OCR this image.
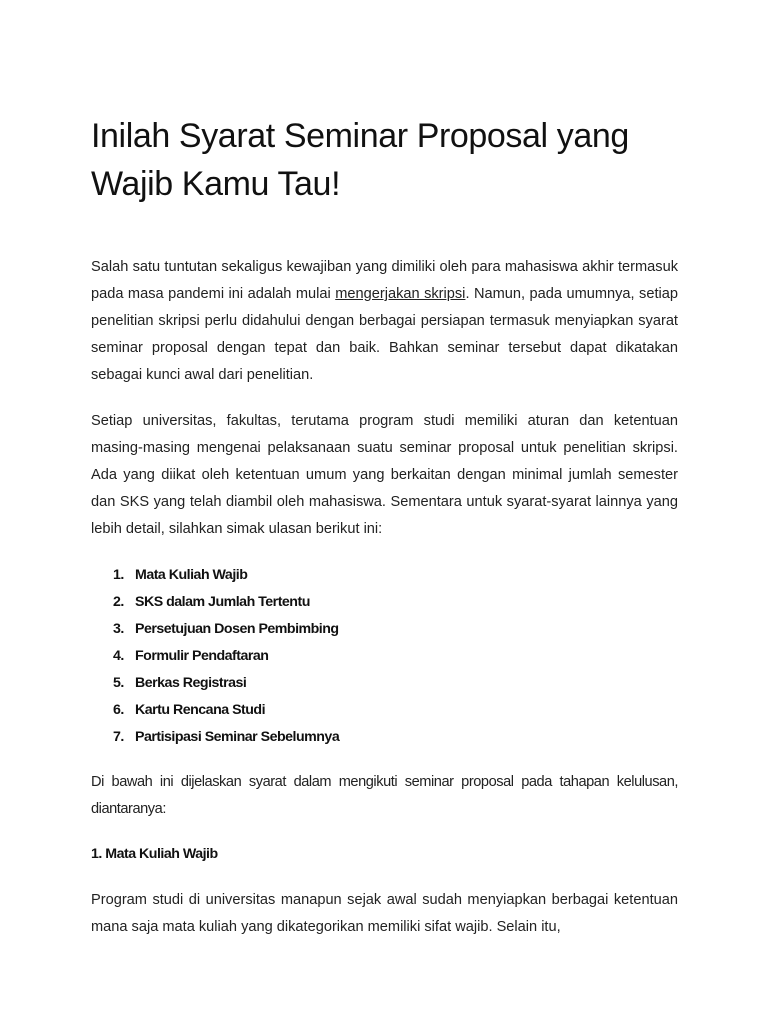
Inilah Syarat Seminar Proposal yang Wajib Kamu Tau!

Salah satu tuntutan sekaligus kewajiban yang dimiliki oleh para mahasiswa akhir termasuk pada masa pandemi ini adalah mulai mengerjakan skripsi. Namun, pada umumnya, setiap penelitian skripsi perlu didahului dengan berbagai persiapan termasuk menyiapkan syarat seminar proposal dengan tepat dan baik. Bahkan seminar tersebut dapat dikatakan sebagai kunci awal dari penelitian.

Setiap universitas, fakultas, terutama program studi memiliki aturan dan ketentuan masing-masing mengenai pelaksanaan suatu seminar proposal untuk penelitian skripsi. Ada yang diikat oleh ketentuan umum yang berkaitan dengan minimal jumlah semester dan SKS yang telah diambil oleh mahasiswa. Sementara untuk syarat-syarat lainnya yang lebih detail, silahkan simak ulasan berikut ini:

1. Mata Kuliah Wajib
2. SKS dalam Jumlah Tertentu
3. Persetujuan Dosen Pembimbing
4. Formulir Pendaftaran
5. Berkas Registrasi
6. Kartu Rencana Studi
7. Partisipasi Seminar Sebelumnya

Di bawah ini dijelaskan syarat dalam mengikuti seminar proposal pada tahapan kelulusan, diantaranya:

1. Mata Kuliah Wajib

Program studi di universitas manapun sejak awal sudah menyiapkan berbagai ketentuan mana saja mata kuliah yang dikategorikan memiliki sifat wajib. Selain itu,
